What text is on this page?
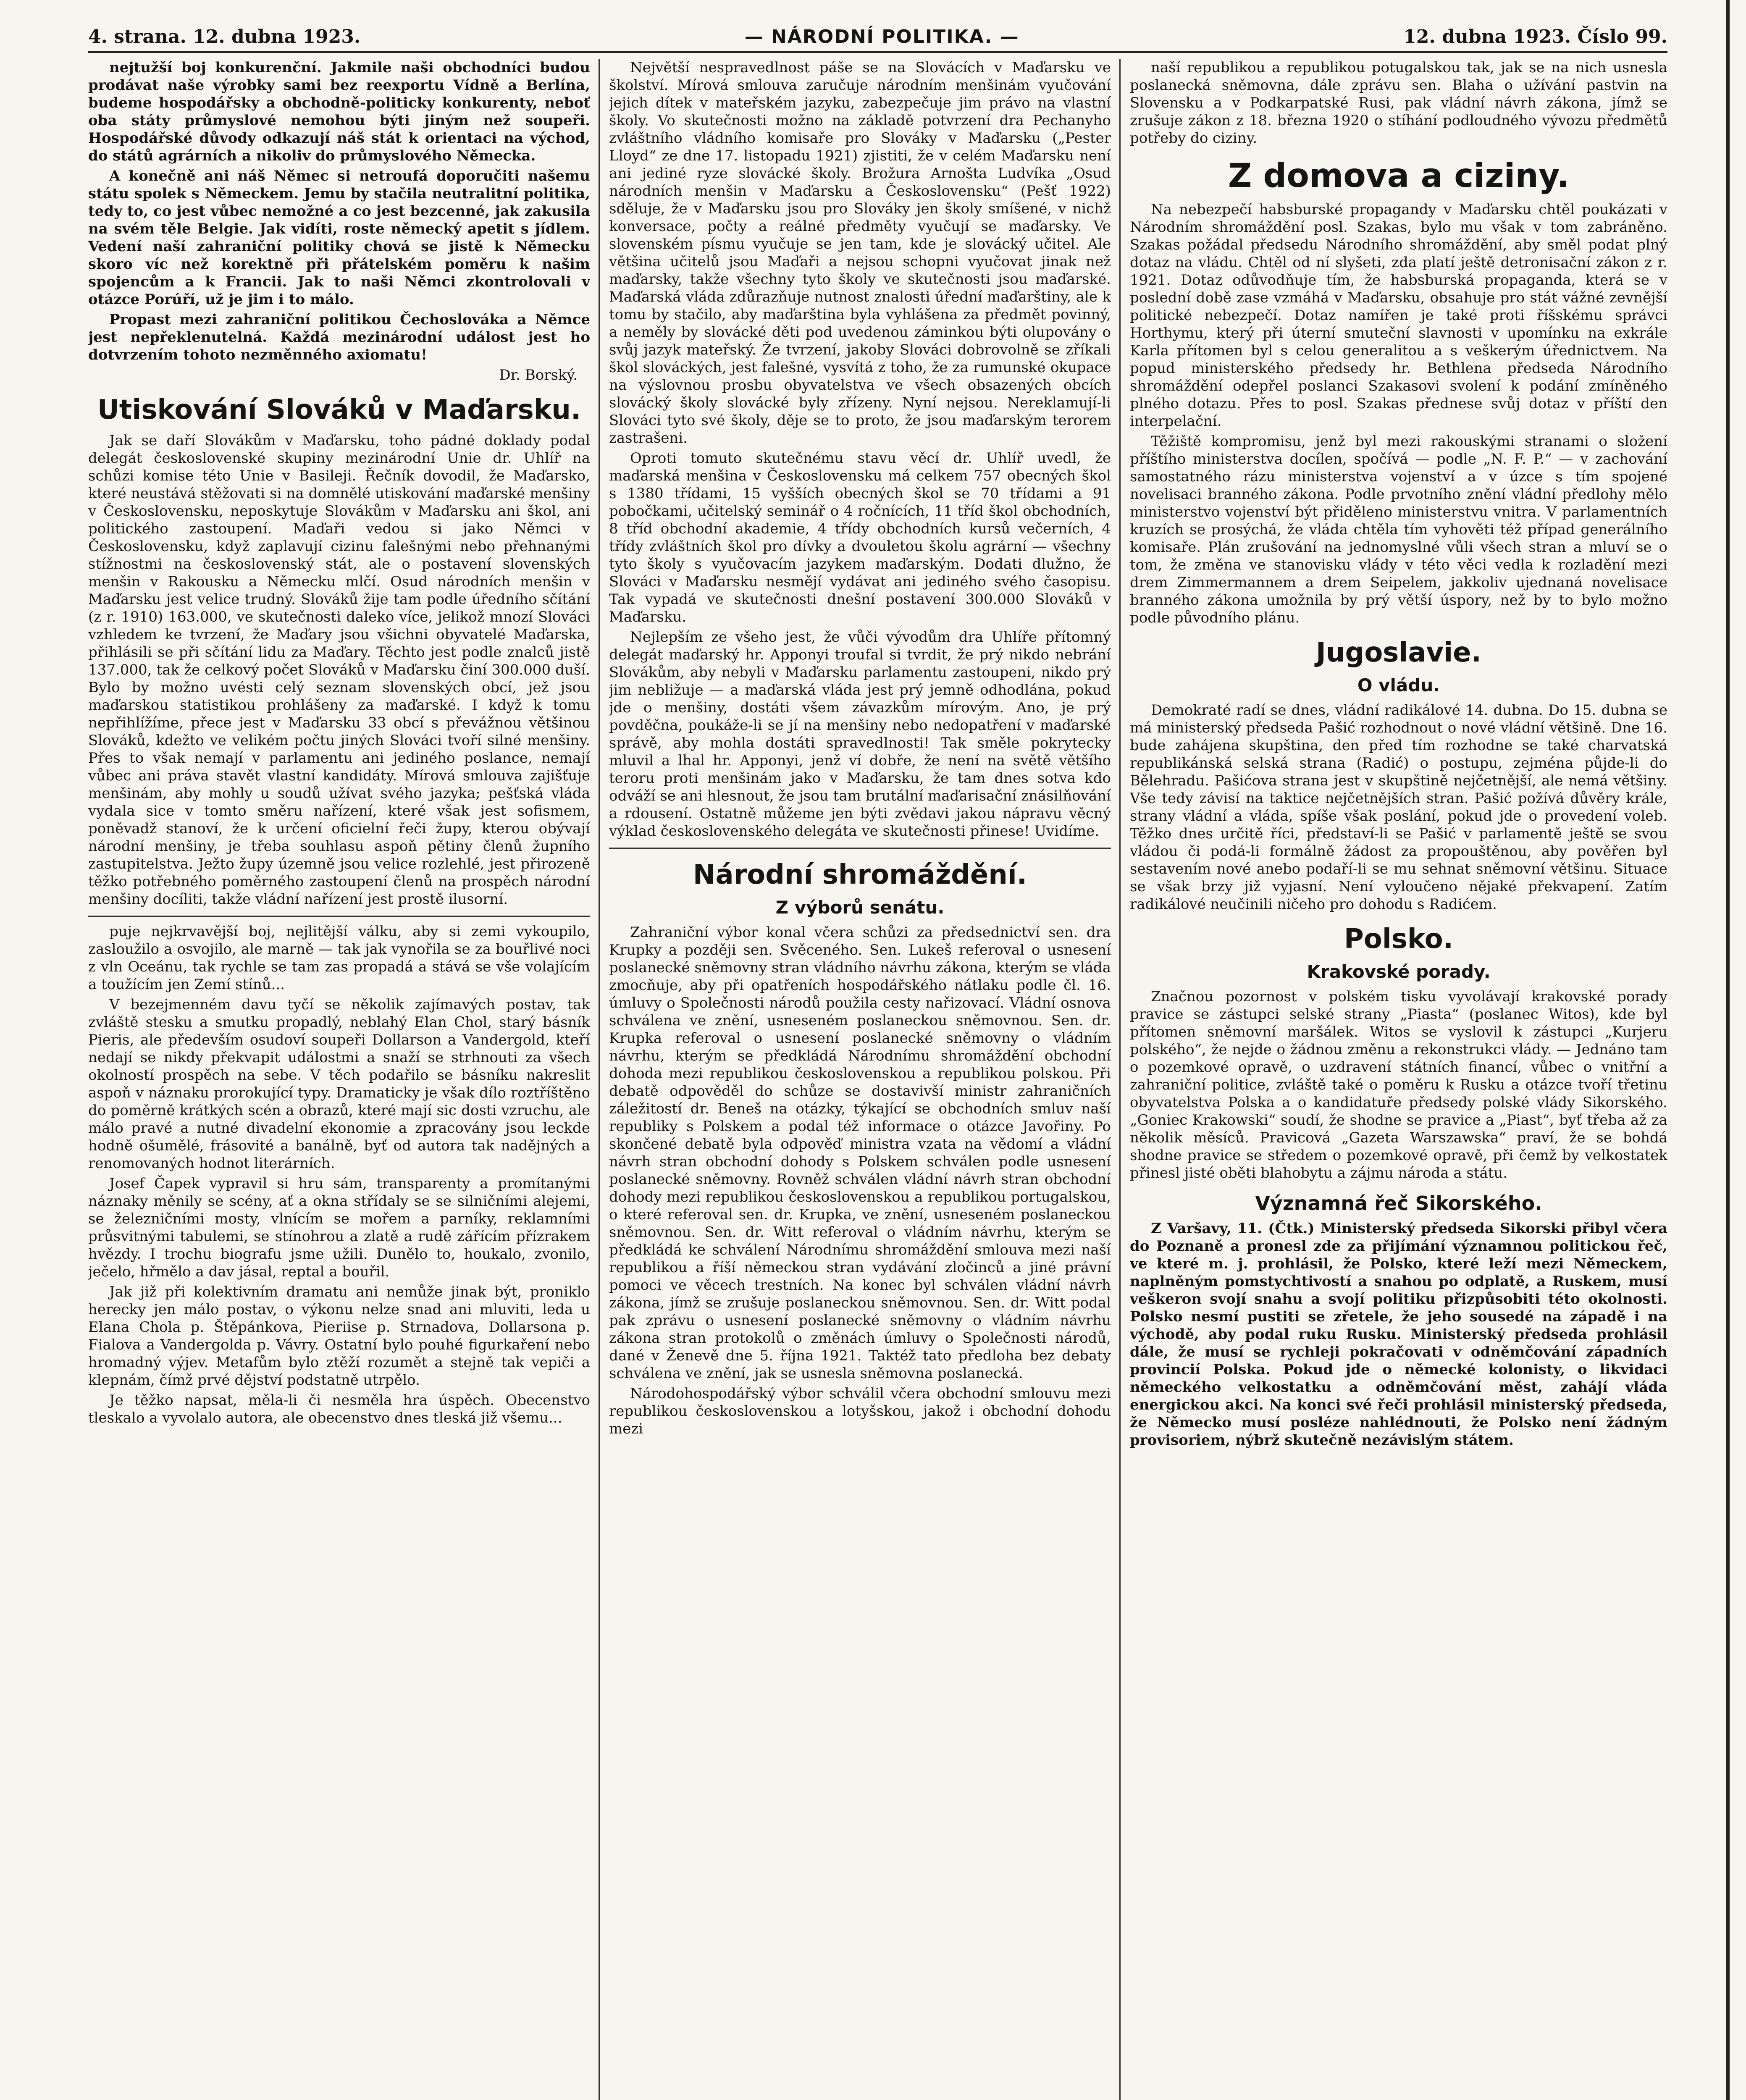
4. strana. 12. dubna 1923.	— NÁRODNÍ POLITIKA. —	12. dubna 1923. Číslo 99.

nejtužší boj konkurenční. Jakmile naši obchodníci budou prodávat naše výrobky sami bez reexportu Vídně a Berlína, budeme hospodářsky a obchodně-politicky konkurenty, neboť oba státy průmyslové nemohou býti jiným než soupeři. Hospodářské důvody odkazují náš stát k orientaci na východ, do států agrárních a nikoliv do průmyslového Německa.

A konečně ani náš Němec si netroufá doporučiti našemu státu spolek s Německem. Jemu by stačila neutralitní politika, tedy to, co jest vůbec nemožné a co jest bezcenné, jak zakusila na svém těle Belgie. Jak vidíti, roste německý apetit s jídlem. Vedení naší zahraniční politiky chová se jistě k Německu skoro víc než korektně při přátelském poměru k našim spojencům a k Francii. Jak to naši Němci zkontrolovali v otázce Porúří, už je jim i to málo.

Propast mezi zahraniční politikou Čechoslováka a Němce jest nepřeklenutelná. Každá mezinárodní událost jest ho dotvrzením tohoto nezměnného axiomatu!

Dr. Borský.
Utiskování Slováků v Maďarsku.

Jak se daří Slovákům v Maďarsku, toho pádné doklady podal delegát československé skupiny mezinárodní Unie dr. Uhlíř na schůzi komise této Unie v Basileji. Řečník dovodil, že Maďarsko, které neustává stěžovati si na domnělé utiskování maďarské menšiny v Československu, neposkytuje Slovákům v Maďarsku ani škol, ani politického zastoupení. Maďaři vedou si jako Němci v Československu, když zaplavují cizinu falešnými nebo přehnanými stížnostmi na československý stát, ale o postavení slovenských menšin v Rakousku a Německu mlčí. Osud národních menšin v Maďarsku jest velice trudný. Slováků žije tam podle úředního sčítání (z r. 1910) 163.000, ve skutečnosti daleko více, jelikož mnozí Slováci vzhledem ke tvrzení, že Maďary jsou všichni obyvatelé Maďarska, přihlásili se při sčítání lidu za Maďary. Těchto jest podle znalců jistě 137.000, tak že celkový počet Slováků v Maďarsku činí 300.000 duší. Bylo by možno uvésti celý seznam slovenských obcí, jež jsou maďarskou statistikou prohlášeny za maďarské. I když k tomu nepřihlížíme, přece jest v Maďarsku 33 obcí s převážnou většinou Slováků, kdežto ve velikém počtu jiných Slováci tvoří silné menšiny. Přes to však nemají v parlamentu ani jediného poslance, nemají vůbec ani práva stavět vlastní kandidáty. Mírová smlouva zajišťuje menšinám, aby mohly u soudů užívat svého jazyka; pešťská vláda vydala sice v tomto směru nařízení, které však jest sofismem, poněvadž stanoví, že k určení oficielní řeči župy, kterou obývají národní menšiny, je třeba souhlasu aspoň pětiny členů župního zastupitelstva. Ježto župy územně jsou velice rozlehlé, jest přirozeně těžko potřebného poměrného zastoupení členů na prospěch národní menšiny docíliti, takže vládní nařízení jest prostě ilusorní.

puje nejkrvavější boj, nejlitější válku, aby si zemi vykoupilo, zasloužilo a osvojilo, ale marně — tak jak vynořila se za bouřlivé noci z vln Oceánu, tak rychle se tam zas propadá a stává se vše volajícím a toužícím jen Zemí stínů...

V bezejmenném davu tyčí se několik zajímavých postav, tak zvláště stesku a smutku propadlý, neblahý Elan Chol, starý básník Pieris, ale především osudoví soupeři Dollarson a Vandergold, kteří nedají se nikdy překvapit událostmi a snaží se strhnouti za všech okolností prospěch na sebe. V těch podařilo se básníku nakreslit aspoň v náznaku prorokující typy. Dramaticky je však dílo roztříštěno do poměrně krátkých scén a obrazů, které mají sic dosti vzruchu, ale málo pravé a nutné divadelní ekonomie a zpracovány jsou leckde hodně ošumělé, frásovité a banálně, byť od autora tak nadějných a renomovaných hodnot literárních.

Josef Čapek vypravil si hru sám, transparenty a promítanými náznaky měnily se scény, ať a okna střídaly se se silničními alejemi, se železničními mosty, vlnícím se mořem a parníky, reklamními průsvitnými tabulemi, se stínohrou a zlatě a rudě zářícím přízrakem hvězdy. I trochu biografu jsme užili. Dunělo to, houkalo, zvonilo, ječelo, hřmělo a dav jásal, reptal a bouřil.

Jak již při kolektivním dramatu ani nemůže jinak být, proniklo herecky jen málo postav, o výkonu nelze snad ani mluviti, leda u Elana Chola p. Štěpánkova, Pieriise p. Strnadova, Dollarsona p. Fialova a Vandergolda p. Vávry. Ostatní bylo pouhé figurkaření nebo hromadný výjev. Metafům bylo ztěží rozumět a stejně tak vepiči a klepnám, čímž prvé dějství podstatně utrpělo.

Je těžko napsat, měla-li či nesměla hra úspěch. Obecenstvo tleskalo a vyvolalo autora, ale obecenstvo dnes tleská již všemu...

Největší nespravedlnost páše se na Slovácích v Maďarsku ve školství. Mírová smlouva zaručuje národním menšinám vyučování jejich dítek v mateřském jazyku, zabezpečuje jim právo na vlastní školy. Vo skutečnosti možno na základě potvrzení dra Pechanyho zvláštního vládního komisaře pro Slováky v Maďarsku („Pester Lloyd“ ze dne 17. listopadu 1921) zjistiti, že v celém Maďarsku není ani jediné ryze slovácké školy. Brožura Arnošta Ludvíka „Osud národních menšin v Maďarsku a Československu“ (Pešť 1922) sděluje, že v Maďarsku jsou pro Slováky jen školy smíšené, v nichž konversace, počty a reálné předměty vyučují se maďarsky. Ve slovenském písmu vyučuje se jen tam, kde je slovácký učitel. Ale většina učitelů jsou Maďaři a nejsou schopni vyučovat jinak než maďarsky, takže všechny tyto školy ve skutečnosti jsou maďarské. Maďarská vláda zdůrazňuje nutnost znalosti úřední maďarštiny, ale k tomu by stačilo, aby maďarština byla vyhlášena za předmět povinný, a neměly by slovácké děti pod uvedenou záminkou býti olupovány o svůj jazyk mateřský. Že tvrzení, jakoby Slováci dobrovolně se zříkali škol slováckých, jest falešné, vysvítá z toho, že za rumunské okupace na výslovnou prosbu obyvatelstva ve všech obsazených obcích slovácký školy slovácké byly zřízeny. Nyní nejsou. Nereklamují-li Slováci tyto své školy, děje se to proto, že jsou maďarským terorem zastrašeni.

Oproti tomuto skutečnému stavu věcí dr. Uhlíř uvedl, že maďarská menšina v Československu má celkem 757 obecných škol s 1380 třídami, 15 vyšších obecných škol se 70 třídami a 91 pobočkami, učitelský seminář o 4 ročnících, 11 tříd škol obchodních, 8 tříd obchodní akademie, 4 třídy obchodních kursů večerních, 4 třídy zvláštních škol pro dívky a dvouletou školu agrární — všechny tyto školy s vyučovacím jazykem maďarským. Dodati dlužno, že Slováci v Maďarsku nesmějí vydávat ani jediného svého časopisu. Tak vypadá ve skutečnosti dnešní postavení 300.000 Slováků v Maďarsku.

Nejlepším ze všeho jest, že vůči vývodům dra Uhlíře přítomný delegát maďarský hr. Apponyi troufal si tvrdit, že prý nikdo nebrání Slovákům, aby nebyli v Maďarsku parlamentu zastoupeni, nikdo prý jim nebližuje — a maďarská vláda jest prý jemně odhodlána, pokud jde o menšiny, dostáti všem závazkům mírovým. Ano, je prý povděčna, poukáže-li se jí na menšiny nebo nedopatření v maďarské správě, aby mohla dostáti spravedlnosti! Tak směle pokrytecky mluvil a lhal hr. Apponyi, jenž ví dobře, že není na světě většího teroru proti menšinám jako v Maďarsku, že tam dnes sotva kdo odváží se ani hlesnout, že jsou tam brutální maďarisační znásilňování a rdousení. Ostatně můžeme jen býti zvědavi jakou nápravu věcný výklad československého delegáta ve skutečnosti přinese! Uvidíme.

Národní shromáždění.
Z výborů senátu.

Zahraniční výbor konal včera schůzi za předsednictví sen. dra Krupky a později sen. Svěceného. Sen. Lukeš referoval o usnesení poslanecké sněmovny stran vládního návrhu zákona, kterým se vláda zmocňuje, aby při opatřeních hospodářského nátlaku podle čl. 16. úmluvy o Společnosti národů použila cesty nařizovací. Vládní osnova schválena ve znění, usneseném poslaneckou sněmovnou. Sen. dr. Krupka referoval o usnesení poslanecké sněmovny o vládním návrhu, kterým se předkládá Národnímu shromáždění obchodní dohoda mezi republikou československou a republikou polskou. Při debatě odpověděl do schůze se dostavivší ministr zahraničních záležitostí dr. Beneš na otázky, týkající se obchodních smluv naší republiky s Polskem a podal též informace o otázce Javořiny. Po skončené debatě byla odpověď ministra vzata na vědomí a vládní návrh stran obchodní dohody s Polskem schválen podle usnesení poslanecké sněmovny. Rovněž schválen vládní návrh stran obchodní dohody mezi republikou československou a republikou portugalskou, o které referoval sen. dr. Krupka, ve znění, usneseném poslaneckou sněmovnou. Sen. dr. Witt referoval o vládním návrhu, kterým se předkládá ke schválení Národnímu shromáždění smlouva mezi naší republikou a říší německou stran vydávání zločinců a jiné právní pomoci ve věcech trestních. Na konec byl schválen vládní návrh zákona, jímž se zrušuje poslaneckou sněmovnou. Sen. dr. Witt podal pak zprávu o usnesení poslanecké sněmovny o vládním návrhu zákona stran protokolů o změnách úmluvy o Společnosti národů, dané v Ženevě dne 5. října 1921. Taktéž tato předloha bez debaty schválena ve znění, jak se usnesla sněmovna poslanecká.

Národohospodářský výbor schválil včera obchodní smlouvu mezi republikou československou a lotyšskou, jakož i obchodní dohodu mezi

naší republikou a republikou potugalskou tak, jak se na nich usnesla poslanecká sněmovna, dále zprávu sen. Blaha o užívání pastvin na Slovensku a v Podkarpatské Rusi, pak vládní návrh zákona, jímž se zrušuje zákon z 18. března 1920 o stíhání podloudného vývozu předmětů potřeby do ciziny.

Z domova a ciziny.

Na nebezpečí habsburské propagandy v Maďarsku chtěl poukázati v Národním shromáždění posl. Szakas, bylo mu však v tom zabráněno. Szakas požádal předsedu Národního shromáždění, aby směl podat plný dotaz na vládu. Chtěl od ní slyšeti, zda platí ještě detronisační zákon z r. 1921. Dotaz odůvodňuje tím, že habsburská propaganda, která se v poslední době zase vzmáhá v Maďarsku, obsahuje pro stát vážné zevnější politické nebezpečí. Dotaz namířen je také proti říšskému správci Horthymu, který při úterní smuteční slavnosti v upomínku na exkrále Karla přítomen byl s celou generalitou a s veškerým úřednictvem. Na popud ministerského předsedy hr. Bethlena předseda Národního shromáždění odepřel poslanci Szakasovi svolení k podání zmíněného plného dotazu. Přes to posl. Szakas přednese svůj dotaz v příští den interpelační.

Těžiště kompromisu, jenž byl mezi rakouskými stranami o složení příštího ministerstva docílen, spočívá — podle „N. F. P.“ — v zachování samostatného rázu ministerstva vojenství a v úzce s tím spojené novelisaci branného zákona. Podle prvotního znění vládní předlohy mělo ministerstvo vojenství být přiděleno ministerstvu vnitra. V parlamentních kruzích se prosýchá, že vláda chtěla tím vyhověti též případ generálního komisaře. Plán zrušování na jednomyslné vůli všech stran a mluví se o tom, že změna ve stanovisku vlády v této věci vedla k rozladění mezi drem Zimmermannem a drem Seipelem, jakkoliv ujednaná novelisace branného zákona umožnila by prý větší úspory, než by to bylo možno podle původního plánu.

Jugoslavie.
O vládu.

Demokraté radí se dnes, vládní radikálové 14. dubna. Do 15. dubna se má ministerský předseda Pašić rozhodnout o nové vládní většině. Dne 16. bude zahájena skupština, den před tím rozhodne se také charvatská republikánská selská strana (Radić) o postupu, zejména půjde-li do Bělehradu. Pašićova strana jest v skupštině nejčetnější, ale nemá většiny. Vše tedy závisí na taktice nejčetnějších stran. Pašić požívá důvěry krále, strany vládní a vláda, spíše však poslání, pokud jde o provedení voleb. Těžko dnes určitě říci, představí-li se Pašić v parlamentě ještě se svou vládou či podá-li formálně žádost za propouštěnou, aby pověřen byl sestavením nové anebo podaří-li se mu sehnat sněmovní většinu. Situace se však brzy již vyjasní. Není vyloučeno nějaké překvapení. Zatím radikálové neučinili ničeho pro dohodu s Radićem.

Polsko.
Krakovské porady.

Značnou pozornost v polském tisku vyvolávají krakovské porady pravice se zástupci selské strany „Piasta“ (poslanec Witos), kde byl přítomen sněmovní maršálek. Witos se vyslovil k zástupci „Kurjeru polského“, že nejde o žádnou změnu a rekonstrukci vlády. — Jednáno tam o pozemkové opravě, o uzdravení státních financí, vůbec o vnitřní a zahraniční politice, zvláště také o poměru k Rusku a otázce tvoří třetinu obyvatelstva Polska a o kandidatuře předsedy polské vlády Sikorského. „Goniec Krakowski“ soudí, že shodne se pravice a „Piast“, byť třeba až za několik měsíců. Pravicová „Gazeta Warszawska“ praví, že se bohdá shodne pravice se středem o pozemkové opravě, při čemž by velkostatek přinesl jisté oběti blahobytu a zájmu národa a státu.

Významná řeč Sikorského.

Z Varšavy, 11. (Čtk.) Ministerský předseda Sikorski přibyl včera do Poznaně a pronesl zde za přijímání významnou politickou řeč, ve které m. j. prohlásil, že Polsko, které leží mezi Německem, naplněným pomstychtivostí a snahou po odplatě, a Ruskem, musí veškeron svojí snahu a svojí politiku přizpůsobiti této okolnosti. Polsko nesmí pustiti se zřetele, že jeho sousedé na západě i na východě, aby podal ruku Rusku. Ministerský předseda prohlásil dále, že musí se rychleji pokračovati v odněmčování západních provincií Polska. Pokud jde o německé kolonisty, o likvidaci německého velkostatku a odněmčování měst, zahájí vláda energickou akci. Na konci své řeči prohlásil ministerský předseda, že Německo musí posléze nahlédnouti, že Polsko není žádným provisoriem, nýbrž skutečně nezávislým státem.
